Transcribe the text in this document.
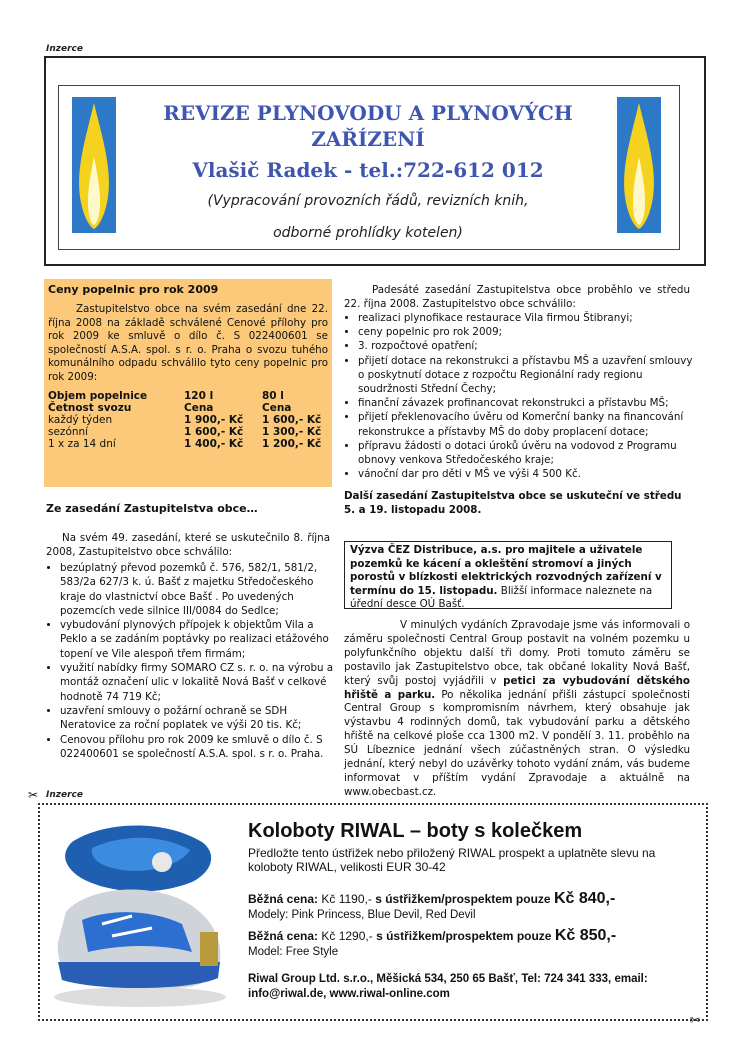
Inzerce
REVIZE PLYNOVODU A PLYNOVÝCH
ZAŘÍZENÍ
Vlašič Radek - tel.:722-612 012
(Vypracování provozních řádů, revizních knih,
odborné prohlídky kotelen)
Ceny popelnic pro rok 2009
Zastupitelstvo obce na svém zasedání dne 22. října 2008 na základě schválené Cenové přílohy pro rok 2009 ke smluvě o dílo č. S 022400601 se společností A.S.A. spol. s r. o. Praha o svozu tuhého komunálního odpadu schválilo tyto ceny popelnic pro rok 2009:
Objem popelnice	120 l	80 l
Četnost svozu	Cena	Cena
každý týden	1 900,- Kč	1 600,- Kč
sezónní	1 600,- Kč	1 300,- Kč
1 x za 14 dní	1 400,- Kč	1 200,- Kč
Ze zasedání Zastupitelstva obce…
Na svém 49. zasedání, které se uskutečnilo 8. října 2008, Zastupitelstvo obce schválilo:
• bezúplatný převod pozemků č. 576, 582/1, 581/2, 583/2a 627/3 k. ú. Bašť z majetku Středočeského kraje do vlastnictví obce Bašť . Po uvedených pozemcích vede silnice III/0084 do Sedlce;
• vybudování plynových přípojek k objektům Vila a Peklo a se zadáním poptávky po realizaci etážového topení ve Vile alespoň třem firmám;
• využití nabídky firmy SOMARO CZ s. r. o. na výrobu a montáž označení ulic v lokalitě Nová Bašť v celkové hodnotě 74 719 Kč;
• uzavření smlouvy o požární ochraně se SDH Neratovice za roční poplatek ve výši 20 tis. Kč;
• Cenovou přílohu pro rok 2009 ke smluvě o dílo č. S 022400601 se společností A.S.A. spol. s r. o. Praha.
Padesáté zasedání Zastupitelstva obce proběhlo ve středu 22. října 2008. Zastupitelstvo obce schválilo:
• realizaci plynofikace restaurace Vila firmou Štibranyi;
• ceny popelnic pro rok 2009;
• 3. rozpočtové opatření;
• přijetí dotace na rekonstrukci a přístavbu MŠ a uzavření smlouvy o poskytnutí dotace z rozpočtu Regionální rady regionu soudržnosti Střední Čechy;
• finanční závazek profinancovat rekonstrukci a přístavbu MŠ;
• přijetí překlenovacího úvěru od Komerční banky na financování rekonstrukce a přístavby MŠ do doby proplacení dotace;
• přípravu žádosti o dotaci úroků úvěru na vodovod z Programu obnovy venkova Středočeského kraje;
• vánoční dar pro děti v MŠ ve výši 4 500 Kč.
Další zasedání Zastupitelstva obce se uskuteční ve středu 5. a 19. listopadu 2008.
Výzva ČEZ Distribuce, a.s. pro majitele a uživatele pozemků ke kácení a okleštění stromoví a jiných porostů v blízkosti elektrických rozvodných zařízení v termínu do 15. listopadu. Bližší informace naleznete na úřední desce OÚ Bašť.
V minulých vydáních Zpravodaje jsme vás informovali o záměru společnosti Central Group postavit na volném pozemku u polyfunkčního objektu další tři domy. Proti tomuto záměru se postavilo jak Zastupitelstvo obce, tak občané lokality Nová Bašť, který svůj postoj vyjádřili v petici za vybudování dětského hřiště a parku. Po několika jednání přišli zástupci společnosti Central Group s kompromisním návrhem, který obsahuje jak výstavbu 4 rodinných domů, tak vybudování parku a dětského hřiště na celkové ploše cca 1300 m2. V pondělí 3. 11. proběhlo na SÚ Líbeznice jednání všech zúčastněných stran. O výsledku jednání, který nebyl do uzávěrky tohoto vydání znám, vás budeme informovat v příštím vydání Zpravodaje a aktuálně na www.obecbast.cz.
Inzerce
✂
✂
Koloboty RIWAL – boty s kolečkem
Předložte tento ústřižek nebo přiložený RIWAL prospekt a uplatněte slevu na koloboty RIWAL, velikosti EUR 30-42
Běžná cena: Kč 1190,- s ústřižkem/prospektem pouze Kč 840,-
Modely: Pink Princess, Blue Devil, Red Devil
Běžná cena: Kč 1290,- s ústřižkem/prospektem pouze Kč 850,-
Model: Free Style
Riwal Group Ltd. s.r.o., Měšická 534, 250 65 Bašť, Tel: 724 341 333, email: info@riwal.de, www.riwal-online.com
